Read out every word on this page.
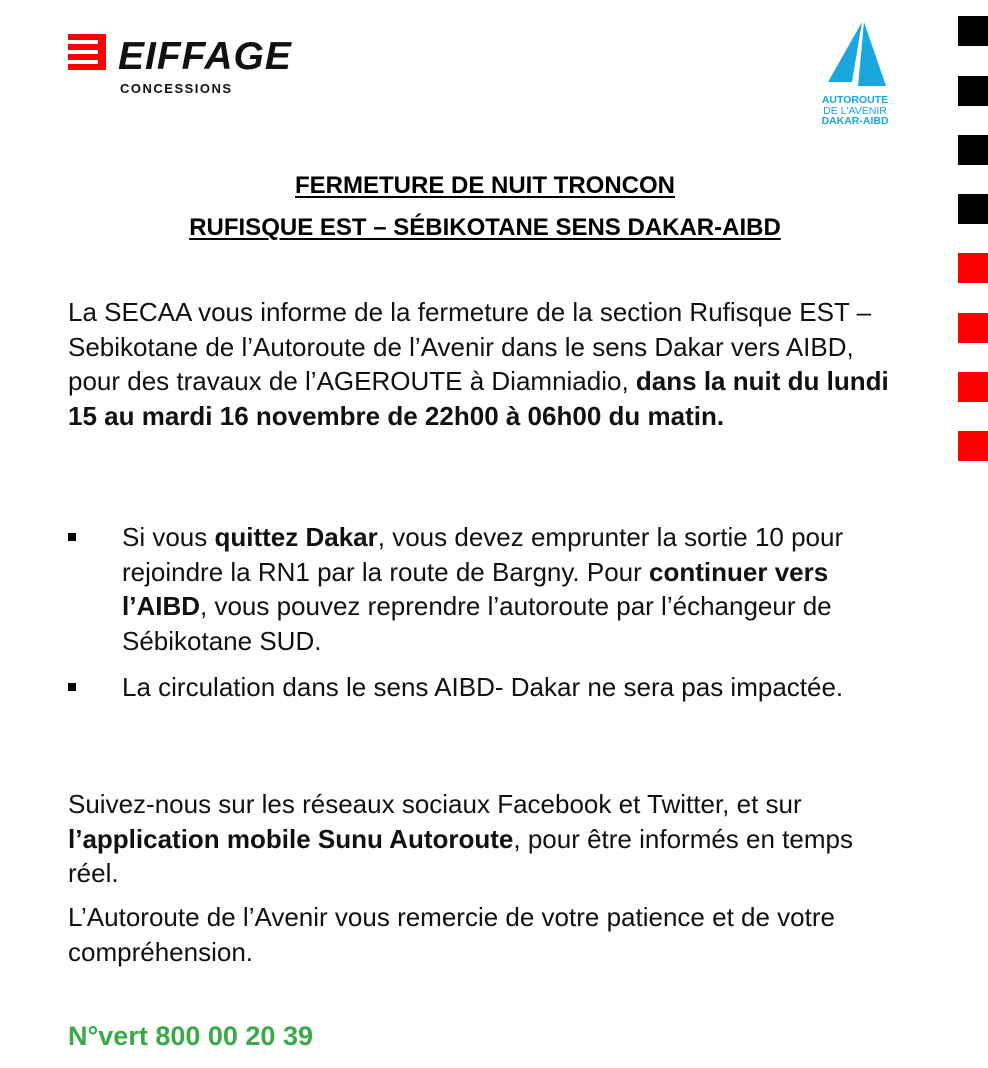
EIFFAGE
CONCESSIONS
AUTOROUTE
DE L'AVENIR
DAKAR-AIBD
FERMETURE DE NUIT TRONCON
RUFISQUE EST – SÉBIKOTANE SENS DAKAR-AIBD
La SECAA vous informe de la fermeture de la section Rufisque EST – Sebikotane de l’Autoroute de l’Avenir dans le sens Dakar vers AIBD, pour des travaux de l’AGEROUTE à Diamniadio, dans la nuit du lundi 15 au mardi 16 novembre de 22h00 à 06h00 du matin.
Si vous quittez Dakar, vous devez emprunter la sortie 10 pour rejoindre la RN1 par la route de Bargny. Pour continuer vers l’AIBD, vous pouvez reprendre l’autoroute par l’échangeur de Sébikotane SUD.
La circulation dans le sens AIBD- Dakar ne sera pas impactée.
Suivez-nous sur les réseaux sociaux Facebook et Twitter, et sur l’application mobile Sunu Autoroute, pour être informés en temps réel.
L’Autoroute de l’Avenir vous remercie de votre patience et de votre compréhension.
N°vert 800 00 20 39
